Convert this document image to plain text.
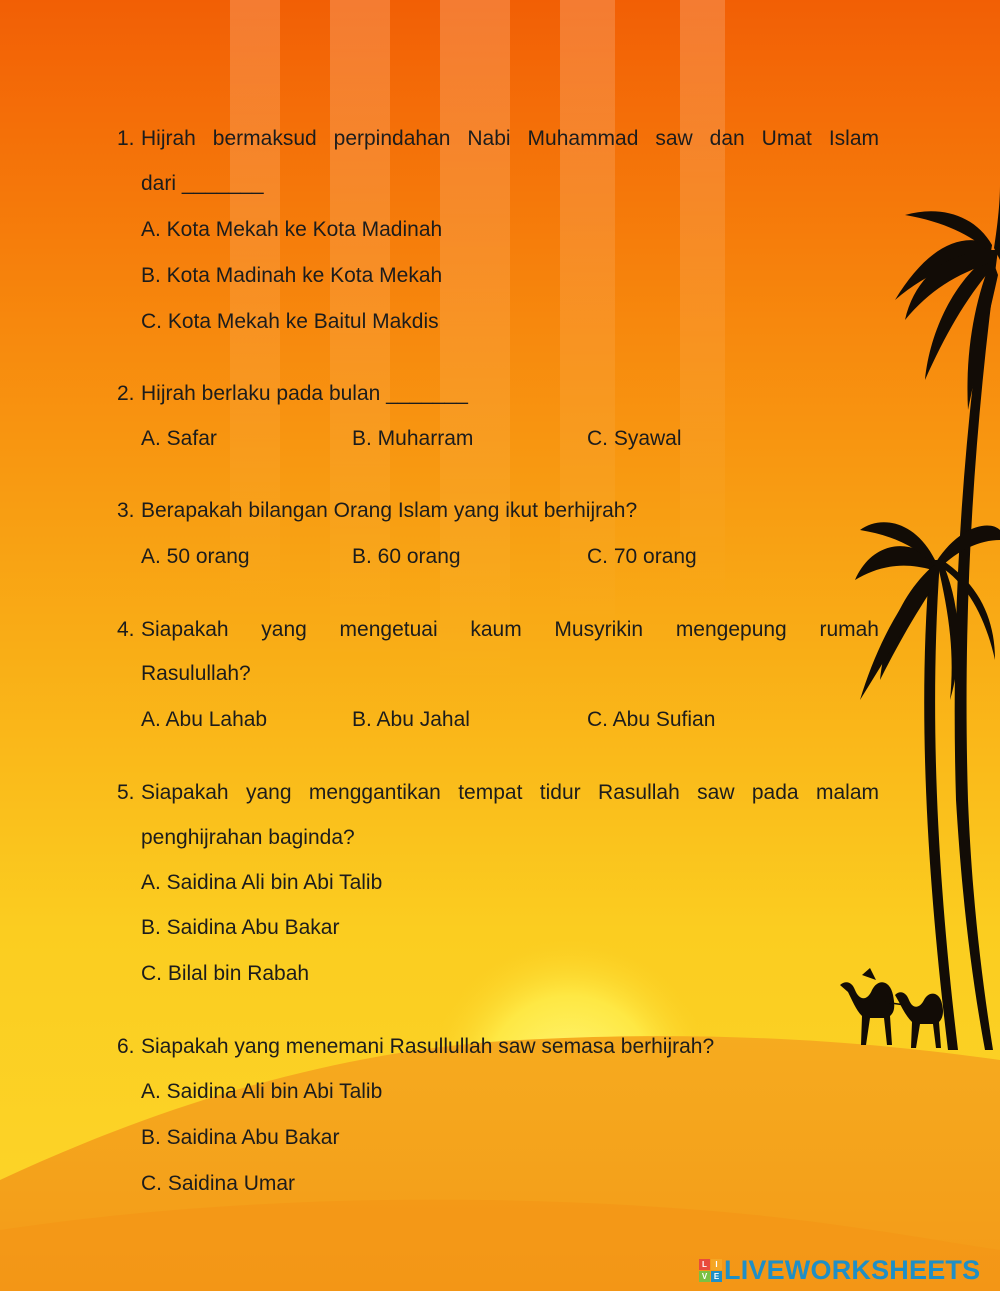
1. Hijrah bermaksud perpindahan Nabi Muhammad saw dan Umat Islam
dari _______
A. Kota Mekah ke Kota Madinah
B. Kota Madinah ke Kota Mekah
C. Kota Mekah ke Baitul Makdis
2. Hijrah berlaku pada bulan _______
A. Safar	B. Muharram	C. Syawal
3. Berapakah bilangan Orang Islam yang ikut berhijrah?
A. 50 orang	B. 60 orang	C. 70 orang
4. Siapakah yang mengetuai kaum Musyrikin mengepung rumah
Rasulullah?
A. Abu Lahab	B. Abu Jahal	C. Abu Sufian
5. Siapakah yang menggantikan tempat tidur Rasullah saw pada malam
penghijrahan baginda?
A. Saidina Ali bin Abi Talib
B. Saidina Abu Bakar
C. Bilal bin Rabah
6. Siapakah yang menemani Rasullullah saw semasa berhijrah?
A. Saidina Ali bin Abi Talib
B. Saidina Abu Bakar
C. Saidina Umar
L	I
V E LIVEWORKSHEETS
